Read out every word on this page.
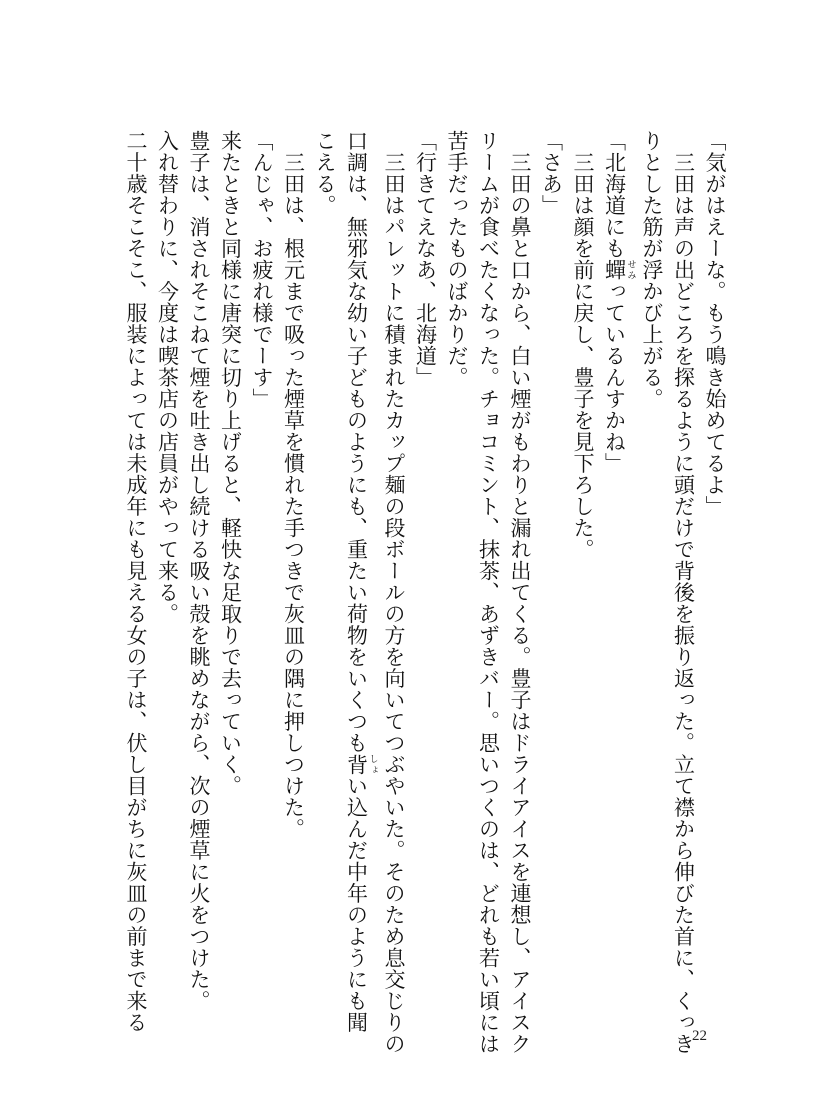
「気がはえーな。もう鳴き始めてるよ」

　三田は声の出どころを探るように頭だけで背後を振り返った。立て襟から伸びた首に、くっき

りとした筋が浮かび上がる。

「北海道にも蟬 せみっているんすかね」

　三田は顔を前に戻し、豊子を見下ろした。

「さあ」

　三田の鼻と口から、白い煙がもわりと漏れ出てくる。豊子はドライアイスを連想し、アイスク

リームが食べたくなった。チョコミント、抹茶、あずきバー。思いつくのは、どれも若い頃には

苦手だったものばかりだ。

「行きてえなあ、北海道」

　三田はパレットに積まれたカップ麺の段ボールの方を向いてつぶやいた。そのため息交じりの

口調は、無邪気な幼い子どものようにも、重たい荷物をいくつも背 しょい込んだ中年のようにも聞

こえる。

　三田は、根元まで吸った煙草を慣れた手つきで灰皿の隅に押しつけた。

「んじゃ、お疲れ様でーす」

来たときと同様に唐突に切り上げると、軽快な足取りで去っていく。

豊子は、消されそこねて煙を吐き出し続ける吸い殻を眺めながら、次の煙草に火をつけた。

入れ替わりに、今度は喫茶店の店員がやって来る。

二十歳そこそこ、服装によっては未成年にも見える女の子は、伏し目がちに灰皿の前まで来る

22
